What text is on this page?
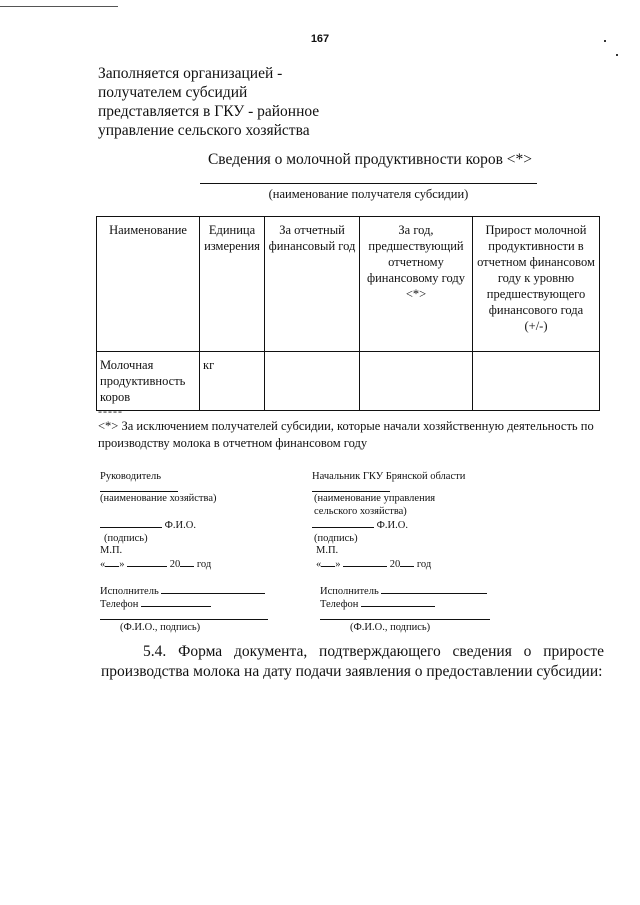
167
Заполняется организацией -
получателем субсидий
представляется в ГКУ - районное
управление сельского хозяйства
Сведения о молочной продуктивности коров <*>
(наименование получателя субсидии)
Наименование	Единица измерения	За отчетный финансовый год	За год, предшествующий отчетному финансовому году <*>	Прирост молочной продуктивности в отчетном финансовом году к уровню предшествующего финансового года (+/-)
Молочная продуктивность коров	кг			
-----
<*> За исключением получателей субсидии, которые начали хозяйственную деятельность по производству молока в отчетном финансовом году
Руководитель
(наименование хозяйства)
Ф.И.О.
(подпись)
М.П.
« »	20 год
Исполнитель
Телефон
(Ф.И.О., подпись)
Начальник ГКУ Брянской области
(наименование управления
сельского хозяйства)
Ф.И.О.
(подпись)
М.П.
« »	20 год
Исполнитель
Телефон
(Ф.И.О., подпись)
5.4. Форма документа, подтверждающего сведения о приросте
производства молока на дату подачи заявления о предоставлении субсидии:
